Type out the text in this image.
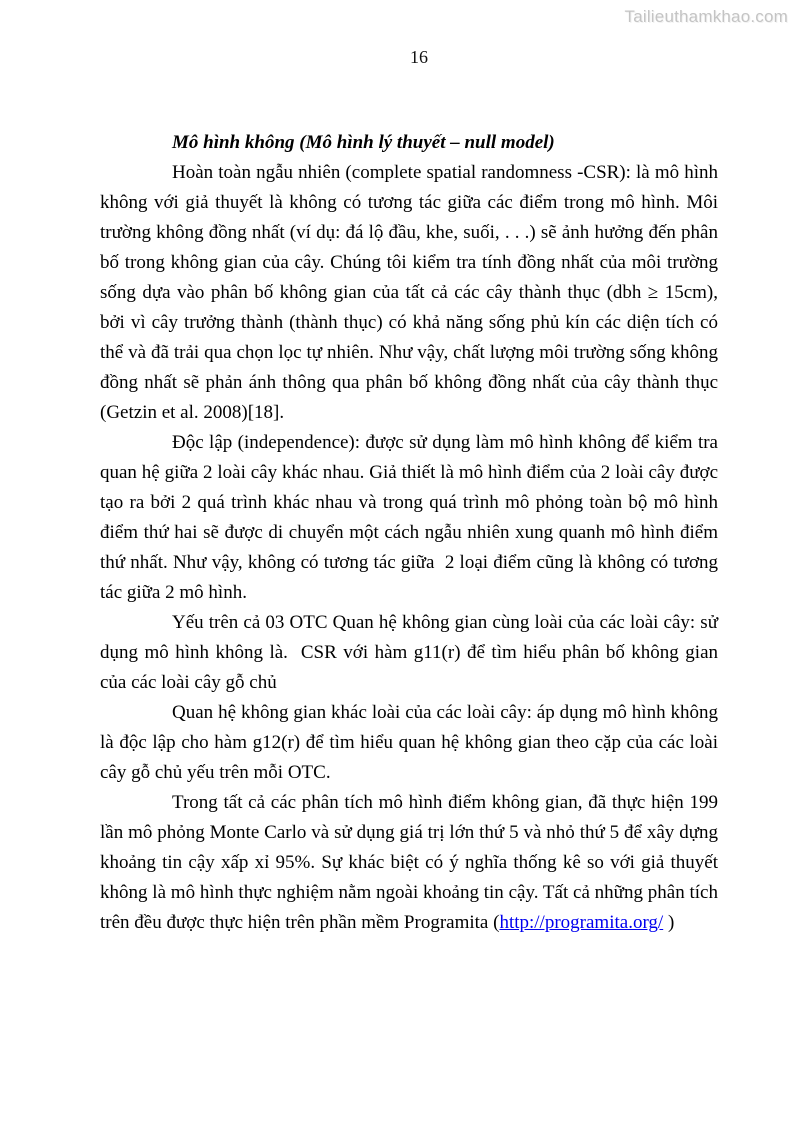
Tailieuthamkhao.com
16

Mô hình không (Mô hình lý thuyết – null model)

Hoàn toàn ngẫu nhiên (complete spatial randomness -CSR): là mô hình không với giả thuyết là không có tương tác giữa các điểm trong mô hình. Môi trường không đồng nhất (ví dụ: đá lộ đầu, khe, suối, . . .) sẽ ảnh hưởng đến phân bố trong không gian của cây. Chúng tôi kiểm tra tính đồng nhất của môi trường sống dựa vào phân bố không gian của tất cả các cây thành thục (dbh ≥ 15cm), bởi vì cây trưởng thành (thành thục) có khả năng sống phủ kín các diện tích có thể và đã trải qua chọn lọc tự nhiên. Như vậy, chất lượng môi trường sống không đồng nhất sẽ phản ánh thông qua phân bố không đồng nhất của cây thành thục (Getzin et al. 2008)[18].

Độc lập (independence): được sử dụng làm mô hình không để kiểm tra quan hệ giữa 2 loài cây khác nhau. Giả thiết là mô hình điểm của 2 loài cây được tạo ra bởi 2 quá trình khác nhau và trong quá trình mô phỏng toàn bộ mô hình điểm thứ hai sẽ được di chuyển một cách ngẫu nhiên xung quanh mô hình điểm thứ nhất. Như vậy, không có tương tác giữa  2 loại điểm cũng là không có tương tác giữa 2 mô hình.

Yếu trên cả 03 OTC Quan hệ không gian cùng loài của các loài cây: sử dụng mô hình không là.  CSR với hàm g11(r) để tìm hiểu phân bố không gian của các loài cây gỗ chủ

Quan hệ không gian khác loài của các loài cây: áp dụng mô hình không là độc lập cho hàm g12(r) để tìm hiểu quan hệ không gian theo cặp của các loài cây gỗ chủ yếu trên mỗi OTC.

Trong tất cả các phân tích mô hình điểm không gian, đã thực hiện 199 lần mô phỏng Monte Carlo và sử dụng giá trị lớn thứ 5 và nhỏ thứ 5 để xây dựng khoảng tin cậy xấp xỉ 95%. Sự khác biệt có ý nghĩa thống kê so với giả thuyết không là mô hình thực nghiệm nằm ngoài khoảng tin cậy. Tất cả những phân tích trên đều được thực hiện trên phần mềm Programita (http://programita.org/ )
